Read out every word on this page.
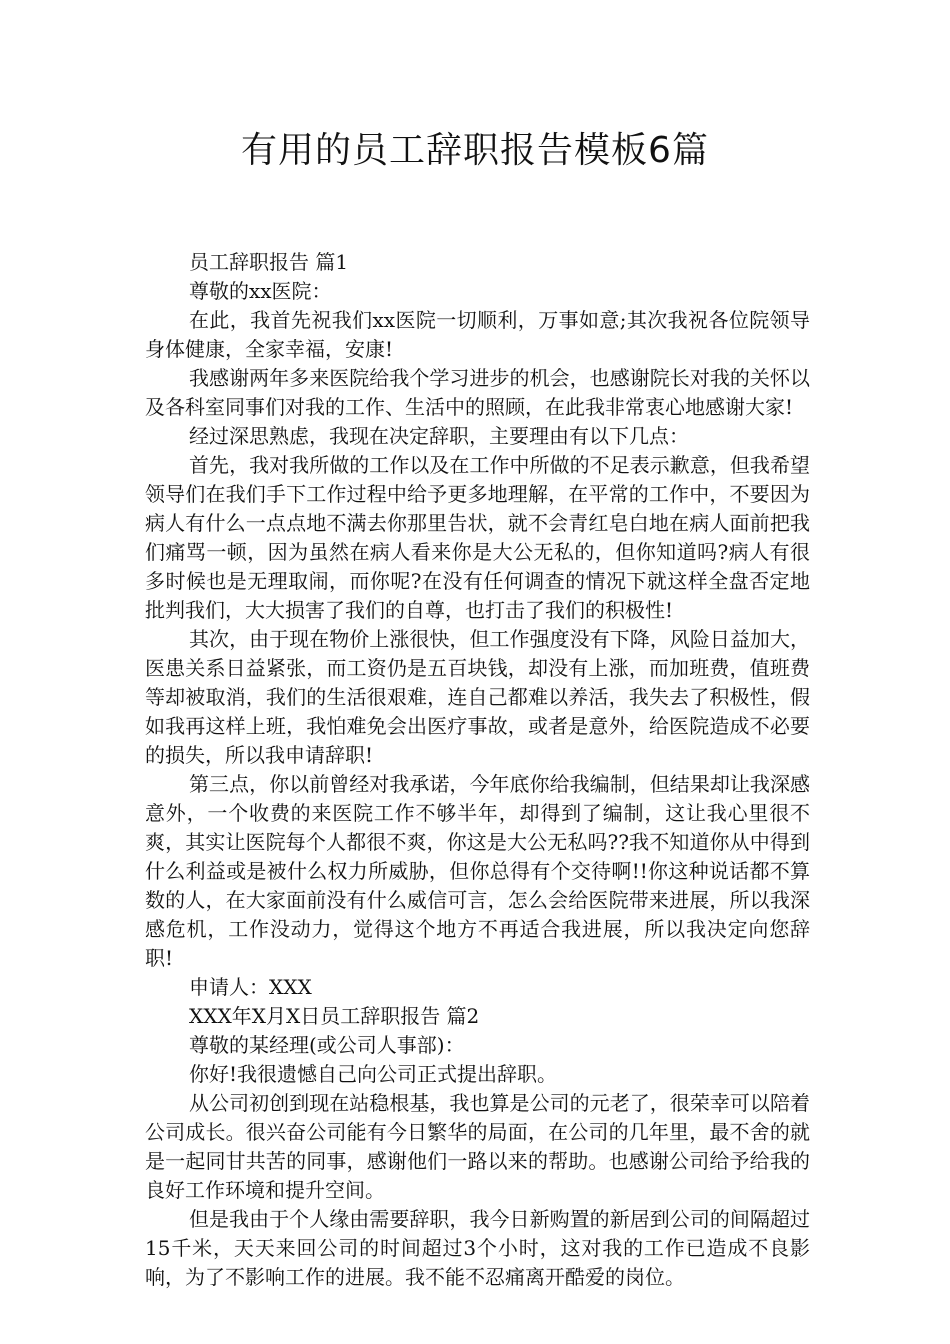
有用的员工辞职报告模板6篇

员工辞职报告 篇1

尊敬的xx医院：

在此，我首先祝我们xx医院一切顺利，万事如意;其次我祝各位院领导身体健康，全家幸福，安康!

我感谢两年多来医院给我个学习进步的机会，也感谢院长对我的关怀以及各科室同事们对我的工作、生活中的照顾，在此我非常衷心地感谢大家!

经过深思熟虑，我现在决定辞职，主要理由有以下几点：

首先，我对我所做的工作以及在工作中所做的不足表示歉意，但我希望领导们在我们手下工作过程中给予更多地理解，在平常的工作中，不要因为病人有什么一点点地不满去你那里告状，就不会青红皂白地在病人面前把我们痛骂一顿，因为虽然在病人看来你是大公无私的，但你知道吗?病人有很多时候也是无理取闹，而你呢?在没有任何调查的情况下就这样全盘否定地批判我们，大大损害了我们的自尊，也打击了我们的积极性!

其次，由于现在物价上涨很快，但工作强度没有下降，风险日益加大，医患关系日益紧张，而工资仍是五百块钱，却没有上涨，而加班费，值班费等却被取消，我们的生活很艰难，连自己都难以养活，我失去了积极性，假如我再这样上班，我怕难免会出医疗事故，或者是意外，给医院造成不必要的损失，所以我申请辞职!

第三点，你以前曾经对我承诺，今年底你给我编制，但结果却让我深感意外，一个收费的来医院工作不够半年，却得到了编制，这让我心里很不爽，其实让医院每个人都很不爽，你这是大公无私吗??我不知道你从中得到什么利益或是被什么权力所威胁，但你总得有个交待啊!!你这种说话都不算数的人，在大家面前没有什么威信可言，怎么会给医院带来进展，所以我深感危机，工作没动力，觉得这个地方不再适合我进展，所以我决定向您辞职!

申请人：XXX

XXX年X月X日员工辞职报告 篇2

尊敬的某经理(或公司人事部)：

你好!我很遗憾自己向公司正式提出辞职。

从公司初创到现在站稳根基，我也算是公司的元老了，很荣幸可以陪着公司成长。很兴奋公司能有今日繁华的局面，在公司的几年里，最不舍的就是一起同甘共苦的同事，感谢他们一路以来的帮助。也感谢公司给予给我的良好工作环境和提升空间。

但是我由于个人缘由需要辞职，我今日新购置的新居到公司的间隔超过15千米，天天来回公司的时间超过3个小时，这对我的工作已造成不良影响，为了不影响工作的进展。我不能不忍痛离开酷爱的岗位。
